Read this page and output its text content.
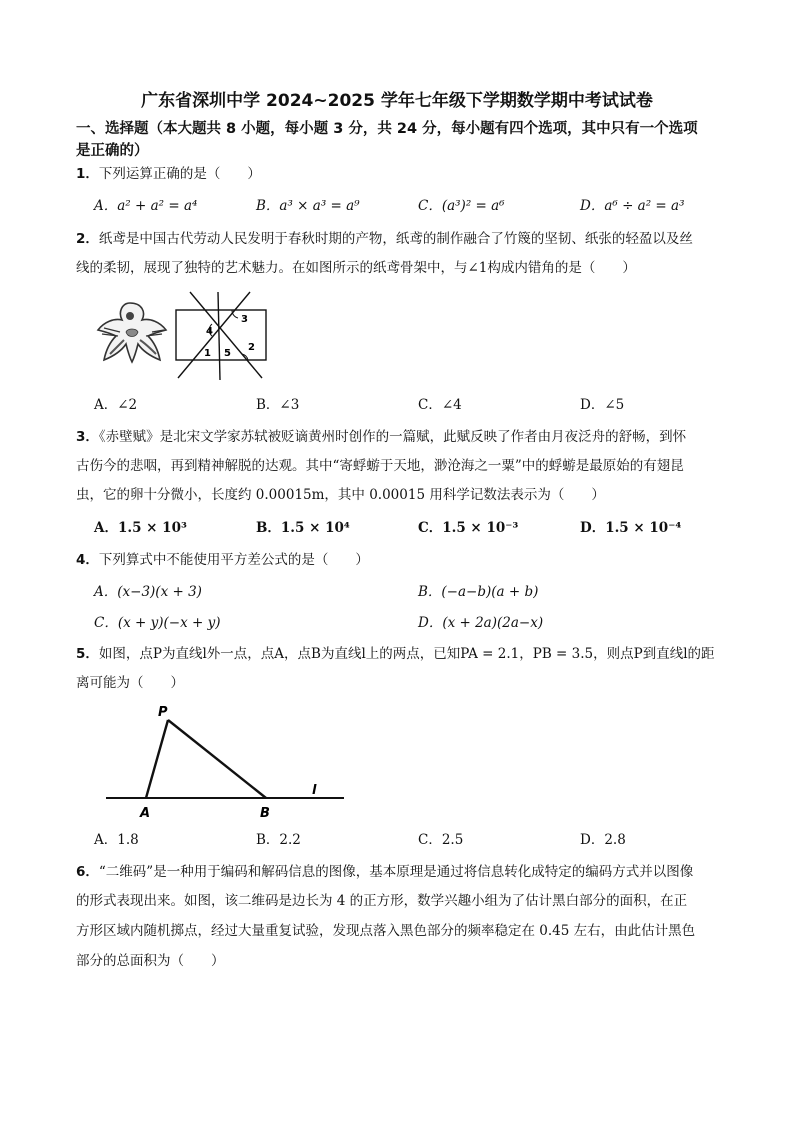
广东省深圳中学 2024~2025 学年七年级下学期数学期中考试试卷
一、选择题（本大题共 8 小题，每小题 3 分，共 24 分，每小题有四个选项，其中只有一个选项
是正确的）
1．下列运算正确的是（　　）
A．a² + a² = a⁴	B．a³ × a³ = a⁹	C．(a³)² = a⁶	D．a⁶ ÷ a² = a³
2．纸鸢是中国古代劳动人民发明于春秋时期的产物，纸鸢的制作融合了竹篾的坚韧、纸张的轻盈以及丝
线的柔韧，展现了独特的艺术魅力。在如图所示的纸鸢骨架中，与∠1构成内错角的是（　　）
4
3
1 5
2
A．∠2	B．∠3	C．∠4	D．∠5
3．《赤壁赋》是北宋文学家苏轼被贬谪黄州时创作的一篇赋，此赋反映了作者由月夜泛舟的舒畅，到怀
古伤今的悲咽，再到精神解脱的达观。其中“寄蜉蝣于天地，渺沧海之一粟”中的蜉蝣是最原始的有翅昆
虫，它的卵十分微小，长度约 0.00015m，其中 0.00015 用科学记数法表示为（　　）
A．1.5 × 10³	B．1.5 × 10⁴	C．1.5 × 10⁻³	D．1.5 × 10⁻⁴
4．下列算式中不能使用平方差公式的是（　　）
A．(x−3)(x + 3)	B．(−a−b)(a + b)
C．(x + y)(−x + y)	D．(x + 2a)(2a−x)
5．如图，点P为直线l外一点，点A，点B为直线l上的两点，已知PA = 2.1，PB = 3.5，则点P到直线l的距
离可能为（　　）
P
A	B
l
A．1.8	B．2.2	C．2.5	D．2.8
6．“二维码”是一种用于编码和解码信息的图像，基本原理是通过将信息转化成特定的编码方式并以图像
的形式表现出来。如图，该二维码是边长为 4 的正方形，数学兴趣小组为了估计黑白部分的面积，在正
方形区域内随机掷点，经过大量重复试验，发现点落入黑色部分的频率稳定在 0.45 左右，由此估计黑色
部分的总面积为（　　）
